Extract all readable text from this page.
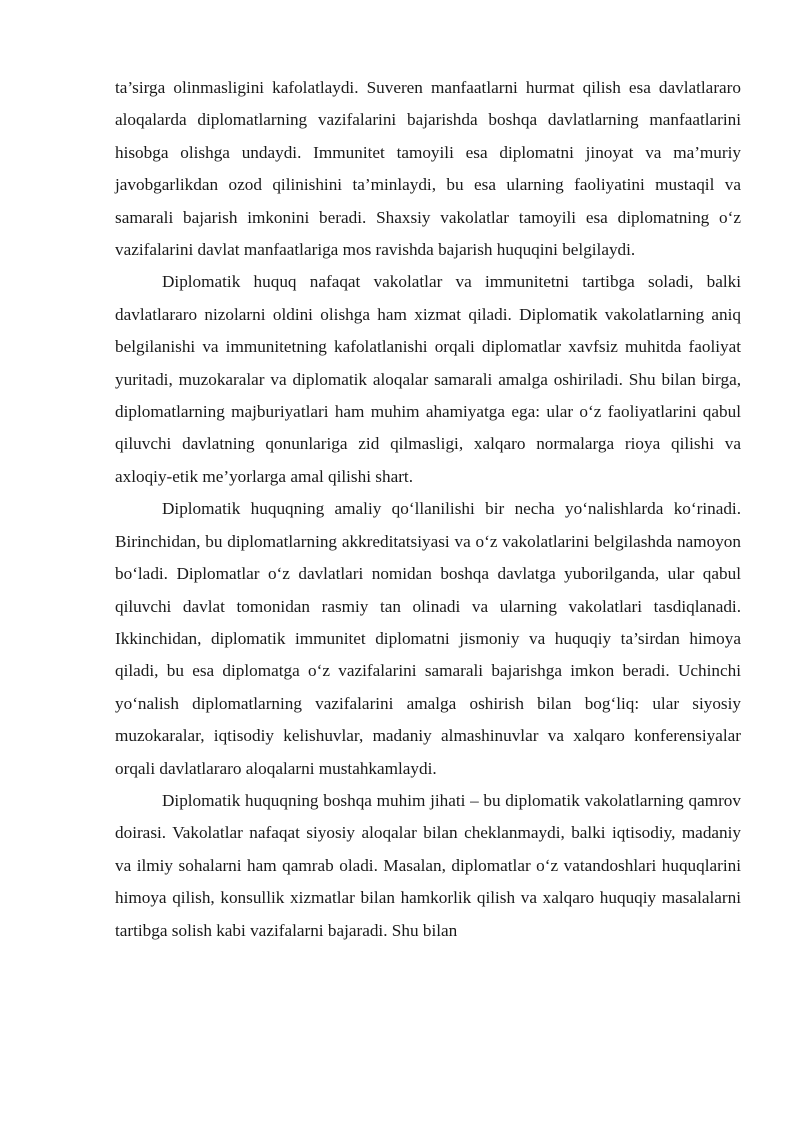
ta’sirga olinmasligini kafolatlaydi. Suveren manfaatlarni hurmat qilish esa davlatlararo aloqalarda diplomatlarning vazifalarini bajarishda boshqa davlatlarning manfaatlarini hisobga olishga undaydi. Immunitet tamoyili esa diplomatni jinoyat va ma’muriy javobgarlikdan ozod qilinishini ta’minlaydi, bu esa ularning faoliyatini mustaqil va samarali bajarish imkonini beradi. Shaxsiy vakolatlar tamoyili esa diplomatning o‘z vazifalarini davlat manfaatlariga mos ravishda bajarish huquqini belgilaydi.

Diplomatik huquq nafaqat vakolatlar va immunitetni tartibga soladi, balki davlatlararo nizolarni oldini olishga ham xizmat qiladi. Diplomatik vakolatlarning aniq belgilanishi va immunitetning kafolatlanishi orqali diplomatlar xavfsiz muhitda faoliyat yuritadi, muzokaralar va diplomatik aloqalar samarali amalga oshiriladi. Shu bilan birga, diplomatlarning majburiyatlari ham muhim ahamiyatga ega: ular o‘z faoliyatlarini qabul qiluvchi davlatning qonunlariga zid qilmasligi, xalqaro normalarga rioya qilishi va axloqiy-etik me’yorlarga amal qilishi shart.

Diplomatik huquqning amaliy qo‘llanilishi bir necha yo‘nalishlarda ko‘rinadi. Birinchidan, bu diplomatlarning akkreditatsiyasi va o‘z vakolatlarini belgilashda namoyon bo‘ladi. Diplomatlar o‘z davlatlari nomidan boshqa davlatga yuborilganda, ular qabul qiluvchi davlat tomonidan rasmiy tan olinadi va ularning vakolatlari tasdiqlanadi. Ikkinchidan, diplomatik immunitet diplomatni jismoniy va huquqiy ta’sirdan himoya qiladi, bu esa diplomatga o‘z vazifalarini samarali bajarishga imkon beradi. Uchinchi yo‘nalish diplomatlarning vazifalarini amalga oshirish bilan bog‘liq: ular siyosiy muzokaralar, iqtisodiy kelishuvlar, madaniy almashinuvlar va xalqaro konferensiyalar orqali davlatlararo aloqalarni mustahkamlaydi.

Diplomatik huquqning boshqa muhim jihati – bu diplomatik vakolatlarning qamrov doirasi. Vakolatlar nafaqat siyosiy aloqalar bilan cheklanmaydi, balki iqtisodiy, madaniy va ilmiy sohalarni ham qamrab oladi. Masalan, diplomatlar o‘z vatandoshlari huquqlarini himoya qilish, konsullik xizmatlar bilan hamkorlik qilish va xalqaro huquqiy masalalarni tartibga solish kabi vazifalarni bajaradi. Shu bilan
